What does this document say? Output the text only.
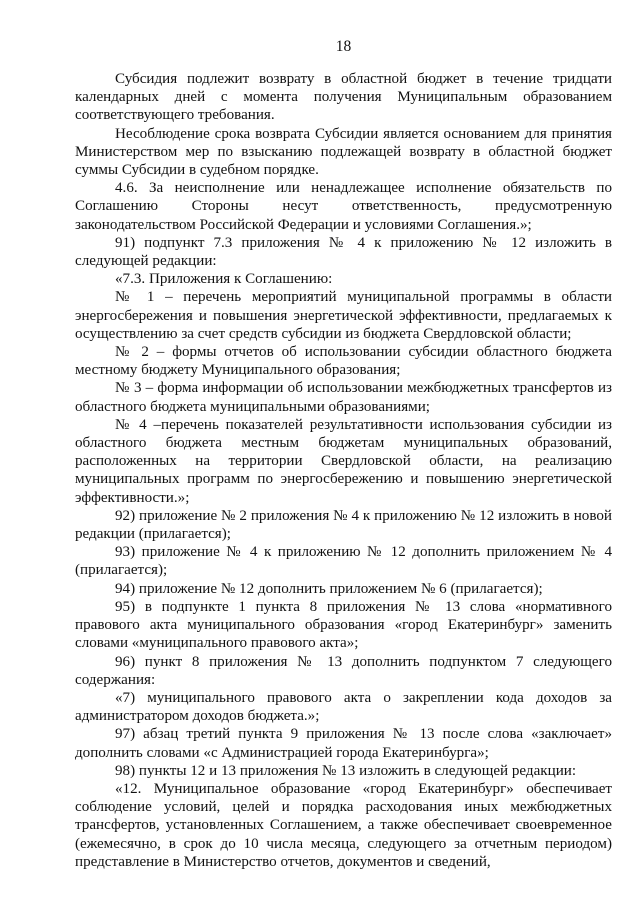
18

Субсидия подлежит возврату в областной бюджет в течение тридцати календарных дней с момента получения Муниципальным образованием соответствующего требования.

Несоблюдение срока возврата Субсидии является основанием для принятия Министерством мер по взысканию подлежащей возврату в областной бюджет суммы Субсидии в судебном порядке.

4.6. За неисполнение или ненадлежащее исполнение обязательств по Соглашению Стороны несут ответственность, предусмотренную законодательством Российской Федерации и условиями Соглашения.»;

91) подпункт 7.3 приложения № 4 к приложению № 12 изложить в следующей редакции:

«7.3. Приложения к Соглашению:

№ 1 – перечень мероприятий муниципальной программы в области энергосбережения и повышения энергетической эффективности, предлагаемых к осуществлению за счет средств субсидии из бюджета Свердловской области;

№ 2 – формы отчетов об использовании субсидии областного бюджета местному бюджету Муниципального образования;

№ 3 – форма информации об использовании межбюджетных трансфертов из областного бюджета муниципальными образованиями;

№ 4 –перечень показателей результативности использования субсидии из областного бюджета местным бюджетам муниципальных образований, расположенных на территории Свердловской области, на реализацию муниципальных программ по энергосбережению и повышению энергетической эффективности.»;

92) приложение № 2 приложения № 4 к приложению № 12 изложить в новой редакции (прилагается);

93) приложение № 4 к приложению № 12 дополнить приложением № 4 (прилагается);

94) приложение № 12 дополнить приложением № 6 (прилагается);

95) в подпункте 1 пункта 8 приложения № 13 слова «нормативного правового акта муниципального образования «город Екатеринбург» заменить словами «муниципального правового акта»;

96) пункт 8 приложения № 13 дополнить подпунктом 7 следующего содержания:

«7) муниципального правового акта о закреплении кода доходов за администратором доходов бюджета.»;

97) абзац третий пункта 9 приложения № 13 после слова «заключает» дополнить словами «с Администрацией города Екатеринбурга»;

98) пункты 12 и 13 приложения № 13 изложить в следующей редакции:

«12. Муниципальное образование «город Екатеринбург» обеспечивает соблюдение условий, целей и порядка расходования иных межбюджетных трансфертов, установленных Соглашением, а также обеспечивает своевременное (ежемесячно, в срок до 10 числа месяца, следующего за отчетным периодом) представление в Министерство отчетов, документов и сведений,
